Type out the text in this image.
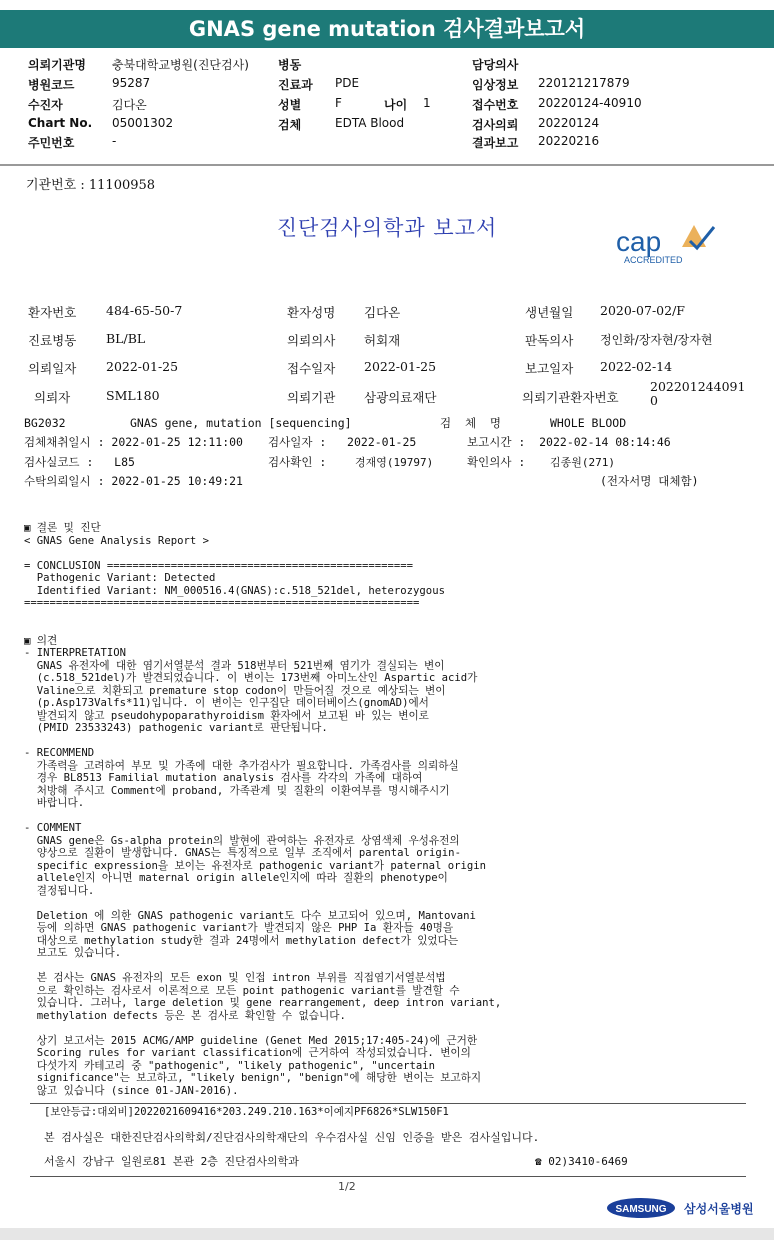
GNAS gene mutation 검사결과보고서
의뢰기관명 충북대학교병원(진단검사) 병동	담당의사
병원코드	95287	진료과 PDE	임상정보 220121217879
수진자	김다온	성별	F	나이 1	접수번호 20220124-40910
Chart No. 05001302	검체	EDTA Blood	검사의뢰 20220124
주민번호	-	결과보고 20220216
기관번호 : 11100958
진단검사의학과 보고서	cap
ACCREDITED
환자번호 484-65-50-7	환자성명 김다온	생년월일 2020-07-02/F
진료병동 BL/BL	의뢰의사 허회재	판독의사 정인화/장자현/장자현
의뢰일자 2022-01-25	접수일자 2022-01-25	보고일자 2022-02-14
의뢰자	SML180	의뢰기관 삼광의료재단	의뢰기관환자번호
202201244091
0
BG2032	GNAS gene, mutation [sequencing]	검  체  명	WHOLE BLOOD
검체채취일시 : 2022-01-25 12:11:00 검사일자 :   2022-01-25	보고시간 :  2022-02-14 08:14:46
검사실코드 :   L85	검사확인 :	경재영(19797)	확인의사 : 김종원(271)
수탁의뢰일시 : 2022-01-25 10:49:21	(전자서명 대체함)
▣ 결론 및 진단
< GNAS Gene Analysis Report >

= CONCLUSION ================================================
Pathogenic Variant: Detected
Identified Variant: NM_000516.4(GNAS):c.518_521del, heterozygous
==============================================================

▣ 의견
- INTERPRETATION
GNAS 유전자에 대한 염기서열분석 결과 518번부터 521번째 염기가 결실되는 변이
(c.518_521del)가 발견되었습니다. 이 변이는 173번째 아미노산인 Aspartic acid가
Valine으로 치환되고 premature stop codon이 만들어질 것으로 예상되는 변이
(p.Asp173Valfs*11)입니다. 이 변이는 인구집단 데이터베이스(gnomAD)에서
발견되지 않고 pseudohypoparathyroidism 환자에서 보고된 바 있는 변이로
(PMID 23533243) pathogenic variant로 판단됩니다.

- RECOMMEND
가족력을 고려하여 부모 및 가족에 대한 추가검사가 필요합니다. 가족검사를 의뢰하실
경우 BL8513 Familial mutation analysis 검사를 각각의 가족에 대하여
처방해 주시고 Comment에 proband, 가족관계 및 질환의 이환여부를 명시해주시기
바랍니다.

- COMMENT
GNAS gene은 Gs-alpha protein의 발현에 관여하는 유전자로 상염색체 우성유전의
양상으로 질환이 발생합니다. GNAS는 특징적으로 일부 조직에서 parental origin-
specific expression을 보이는 유전자로 pathogenic variant가 paternal origin
allele인지 아니면 maternal origin allele인지에 따라 질환의 phenotype이
결정됩니다.

Deletion 에 의한 GNAS pathogenic variant도 다수 보고되어 있으며, Mantovani
등에 의하면 GNAS pathogenic variant가 발견되지 않은 PHP Ia 환자들 40명을
대상으로 methylation study한 결과 24명에서 methylation defect가 있었다는
보고도 있습니다.

본 검사는 GNAS 유전자의 모든 exon 및 인접 intron 부위를 직접염기서열분석법
으로 확인하는 검사로서 이론적으로 모든 point pathogenic variant를 발견할 수
있습니다. 그러나, large deletion 및 gene rearrangement, deep intron variant,
methylation defects 등은 본 검사로 확인할 수 없습니다.

상기 보고서는 2015 ACMG/AMP guideline (Genet Med 2015;17:405-24)에 근거한
Scoring rules for variant classification에 근거하여 작성되었습니다. 변이의
다섯가지 카테고리 중 "pathogenic", "likely pathogenic", "uncertain
significance"는 보고하고, "likely benign", "benign"에 해당한 변이는 보고하지
않고 있습니다 (since 01-JAN-2016).
[보안등급:대외비]2022021609416*203.249.210.163*이예지PF6826*SLW150F1
본 검사실은 대한진단검사의학회/진단검사의학재단의 우수검사실 신임 인증을 받은 검사실입니다.
서울시 강남구 일원로81 본관 2층 진단검사의학과	☎ 02)3410-6469
1/2
SAMSUNG 삼성서울병원
